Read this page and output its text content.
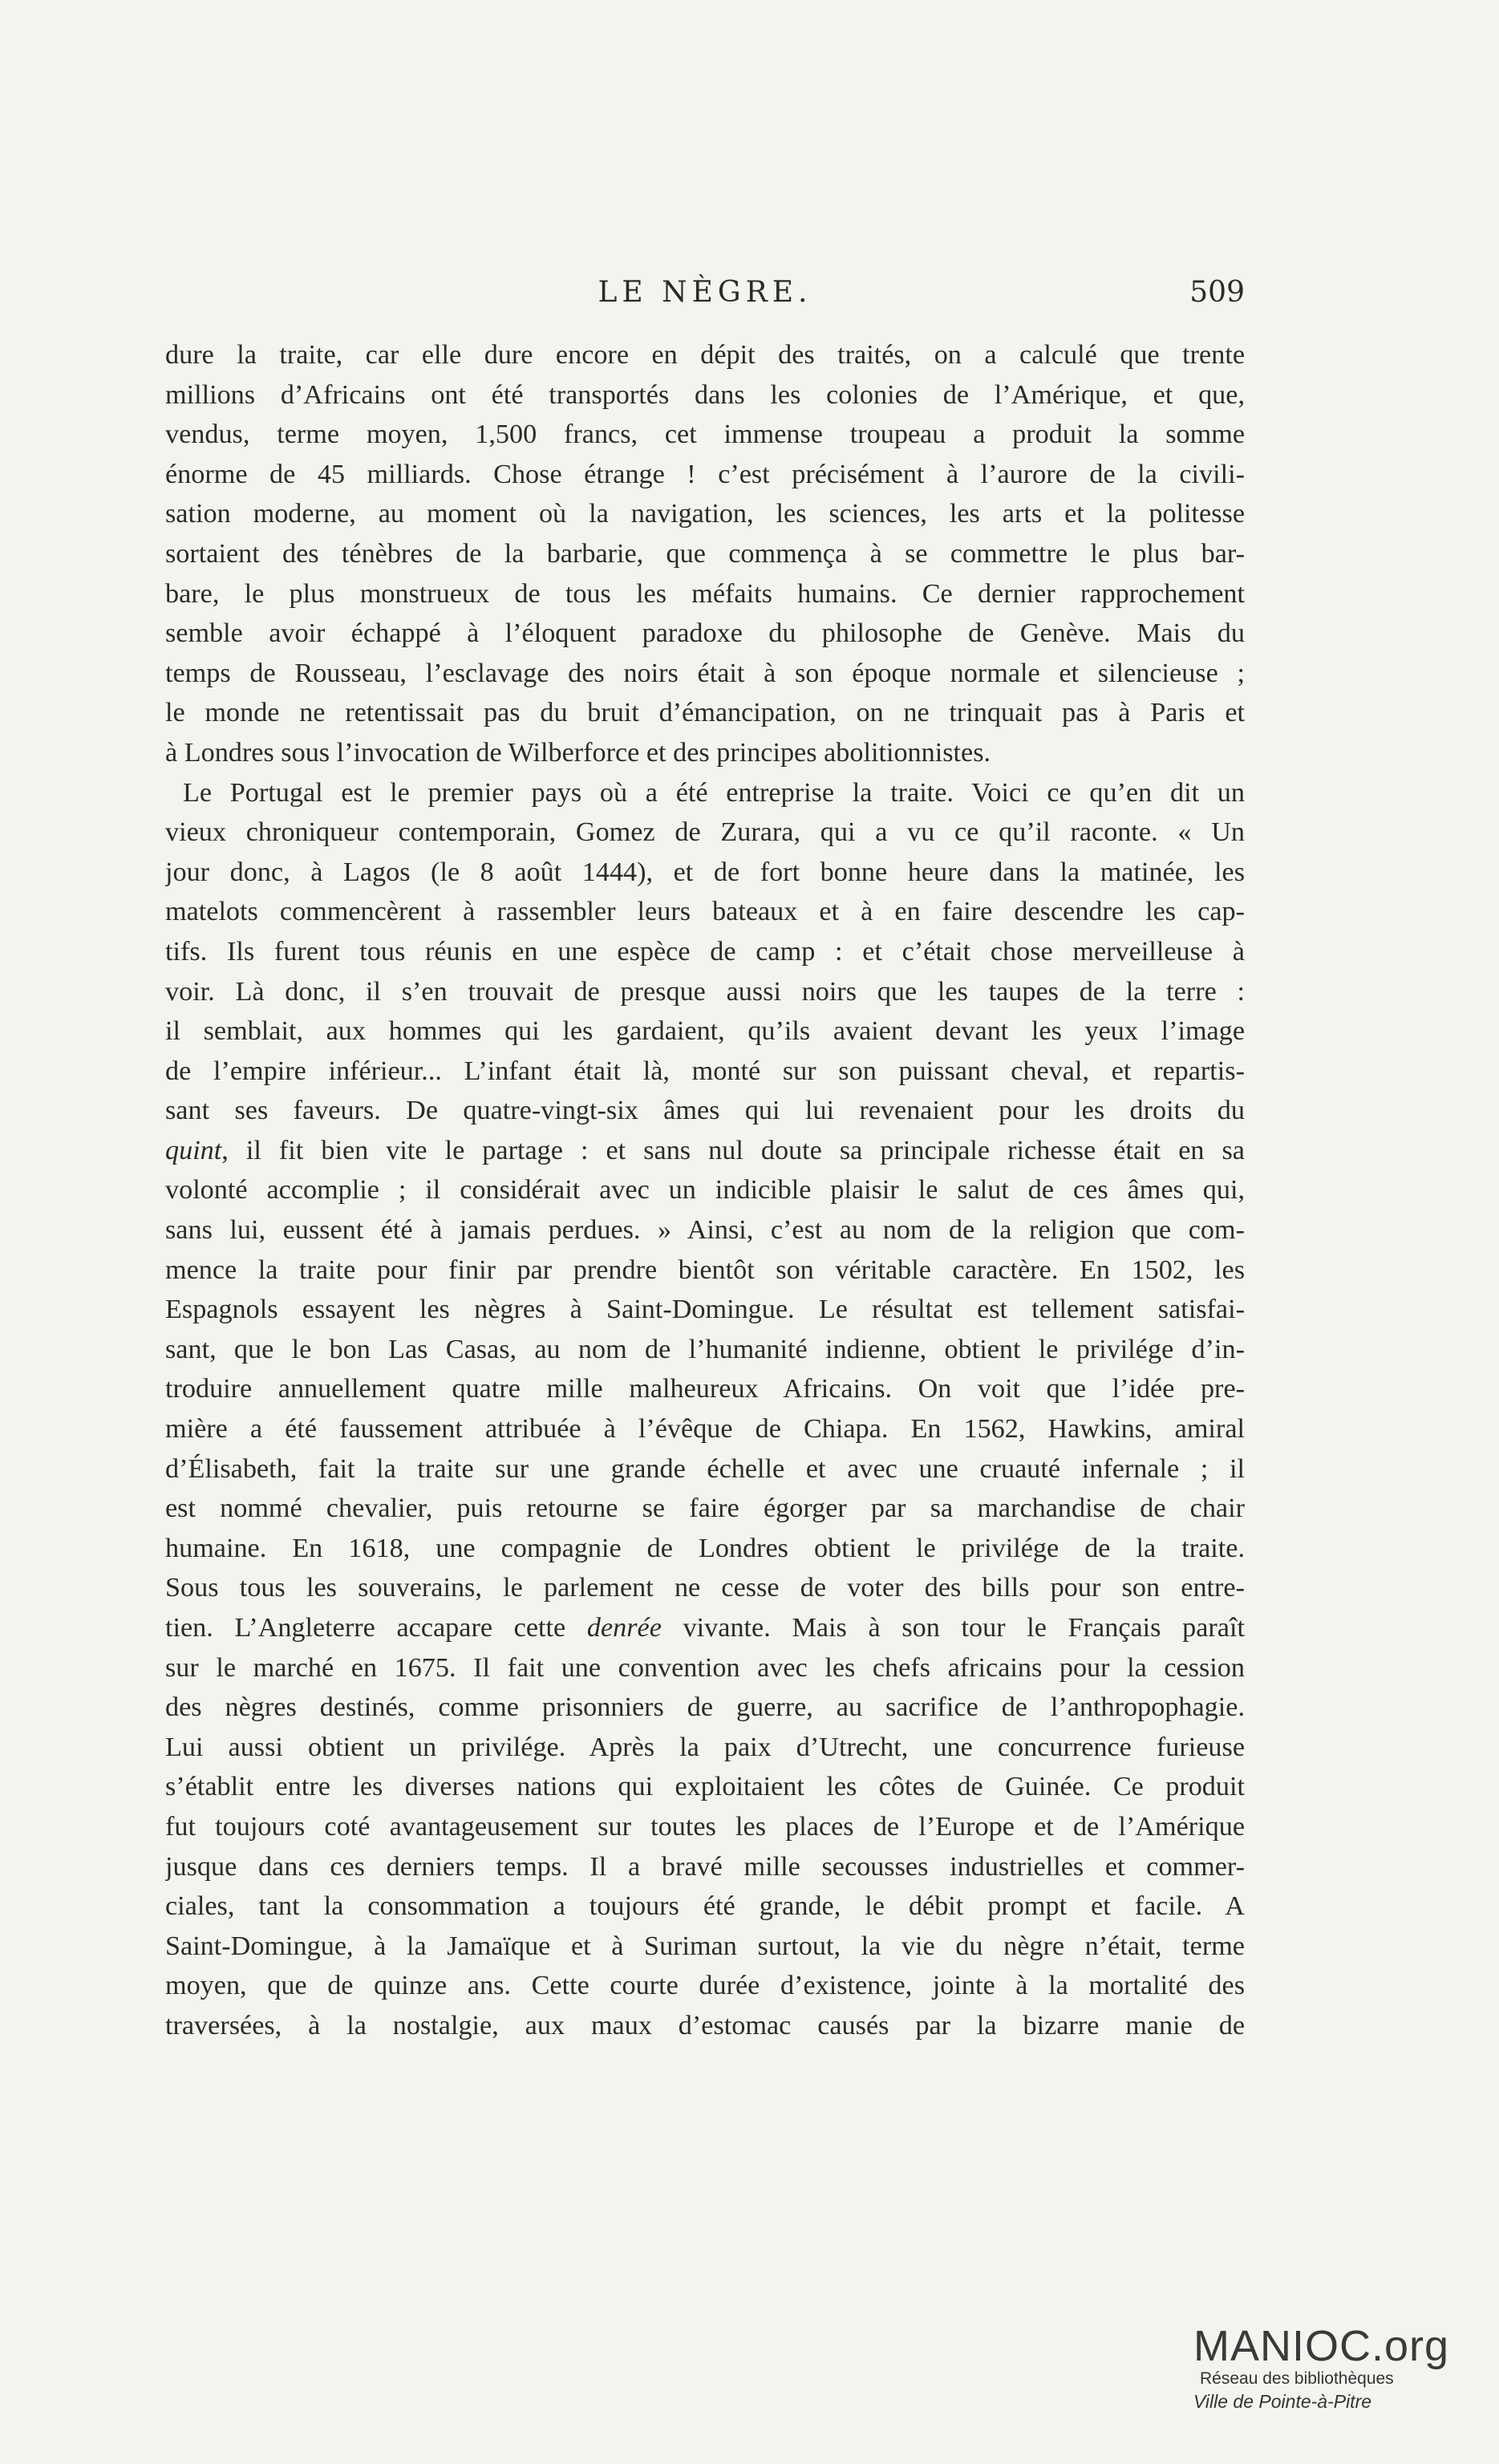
LE NÈGRE.	509
dure la traite, car elle dure encore en dépit des traités, on a calculé que trente
millions d’Africains ont été transportés dans les colonies de l’Amérique, et que,
vendus, terme moyen, 1,500 francs, cet immense troupeau a produit la somme
énorme de 45 milliards. Chose étrange ! c’est précisément à l’aurore de la civili-
sation moderne, au moment où la navigation, les sciences, les arts et la politesse
sortaient des ténèbres de la barbarie, que commença à se commettre le plus bar-
bare, le plus monstrueux de tous les méfaits humains. Ce dernier rapprochement
semble avoir échappé à l’éloquent paradoxe du philosophe de Genève. Mais du
temps de Rousseau, l’esclavage des noirs était à son époque normale et silencieuse ;
le monde ne retentissait pas du bruit d’émancipation, on ne trinquait pas à Paris et
à Londres sous l’invocation de Wilberforce et des principes abolitionnistes.
Le Portugal est le premier pays où a été entreprise la traite. Voici ce qu’en dit un
vieux chroniqueur contemporain, Gomez de Zurara, qui a vu ce qu’il raconte. « Un
jour donc, à Lagos (le 8 août 1444), et de fort bonne heure dans la matinée, les
matelots commencèrent à rassembler leurs bateaux et à en faire descendre les cap-
tifs. Ils furent tous réunis en une espèce de camp : et c’était chose merveilleuse à
voir. Là donc, il s’en trouvait de presque aussi noirs que les taupes de la terre :
il semblait, aux hommes qui les gardaient, qu’ils avaient devant les yeux l’image
de l’empire inférieur... L’infant était là, monté sur son puissant cheval, et repartis-
sant ses faveurs. De quatre-vingt-six âmes qui lui revenaient pour les droits du
quint, il fit bien vite le partage : et sans nul doute sa principale richesse était en sa
volonté accomplie ; il considérait avec un indicible plaisir le salut de ces âmes qui,
sans lui, eussent été à jamais perdues. » Ainsi, c’est au nom de la religion que com-
mence la traite pour finir par prendre bientôt son véritable caractère. En 1502, les
Espagnols essayent les nègres à Saint-Domingue. Le résultat est tellement satisfai-
sant, que le bon Las Casas, au nom de l’humanité indienne, obtient le privilége d’in-
troduire annuellement quatre mille malheureux Africains. On voit que l’idée pre-
mière a été faussement attribuée à l’évêque de Chiapa. En 1562, Hawkins, amiral
d’Élisabeth, fait la traite sur une grande échelle et avec une cruauté infernale ; il
est nommé chevalier, puis retourne se faire égorger par sa marchandise de chair
humaine. En 1618, une compagnie de Londres obtient le privilége de la traite.
Sous tous les souverains, le parlement ne cesse de voter des bills pour son entre-
tien. L’Angleterre accapare cette denrée vivante. Mais à son tour le Français paraît
sur le marché en 1675. Il fait une convention avec les chefs africains pour la cession
des nègres destinés, comme prisonniers de guerre, au sacrifice de l’anthropophagie.
Lui aussi obtient un privilége. Après la paix d’Utrecht, une concurrence furieuse
s’établit entre les diverses nations qui exploitaient les côtes de Guinée. Ce produit
fut toujours coté avantageusement sur toutes les places de l’Europe et de l’Amérique
jusque dans ces derniers temps. Il a bravé mille secousses industrielles et commer-
ciales, tant la consommation a toujours été grande, le débit prompt et facile. A
Saint-Domingue, à la Jamaïque et à Suriman surtout, la vie du nègre n’était, terme
moyen, que de quinze ans. Cette courte durée d’existence, jointe à la mortalité des
traversées, à la nostalgie, aux maux d’estomac causés par la bizarre manie de
MANIOC.org
Réseau des bibliothèques
Ville de Pointe-à-Pitre
